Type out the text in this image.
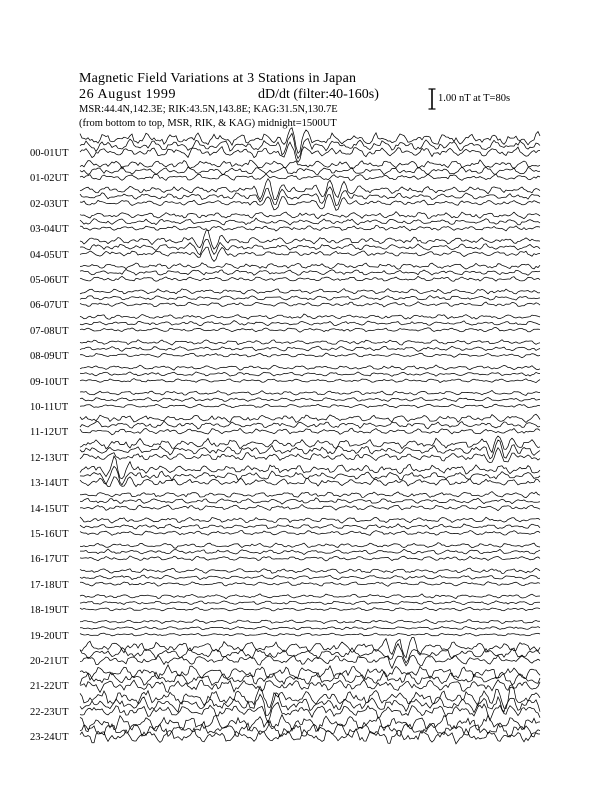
Magnetic Field Variations at 3 Stations in Japan
26 August 1999	dD/dt (filter:40-160s)
MSR:44.4N,142.3E; RIK:43.5N,143.8E; KAG:31.5N,130.7E
(from bottom to top, MSR, RIK, & KAG) midnight=1500UT
1.00 nT at T=80s
00-01UT
01-02UT
02-03UT
03-04UT
04-05UT
05-06UT
06-07UT
07-08UT
08-09UT
09-10UT
10-11UT
11-12UT
12-13UT
13-14UT
14-15UT
15-16UT
16-17UT
17-18UT
18-19UT
19-20UT
20-21UT
21-22UT
22-23UT
23-24UT
